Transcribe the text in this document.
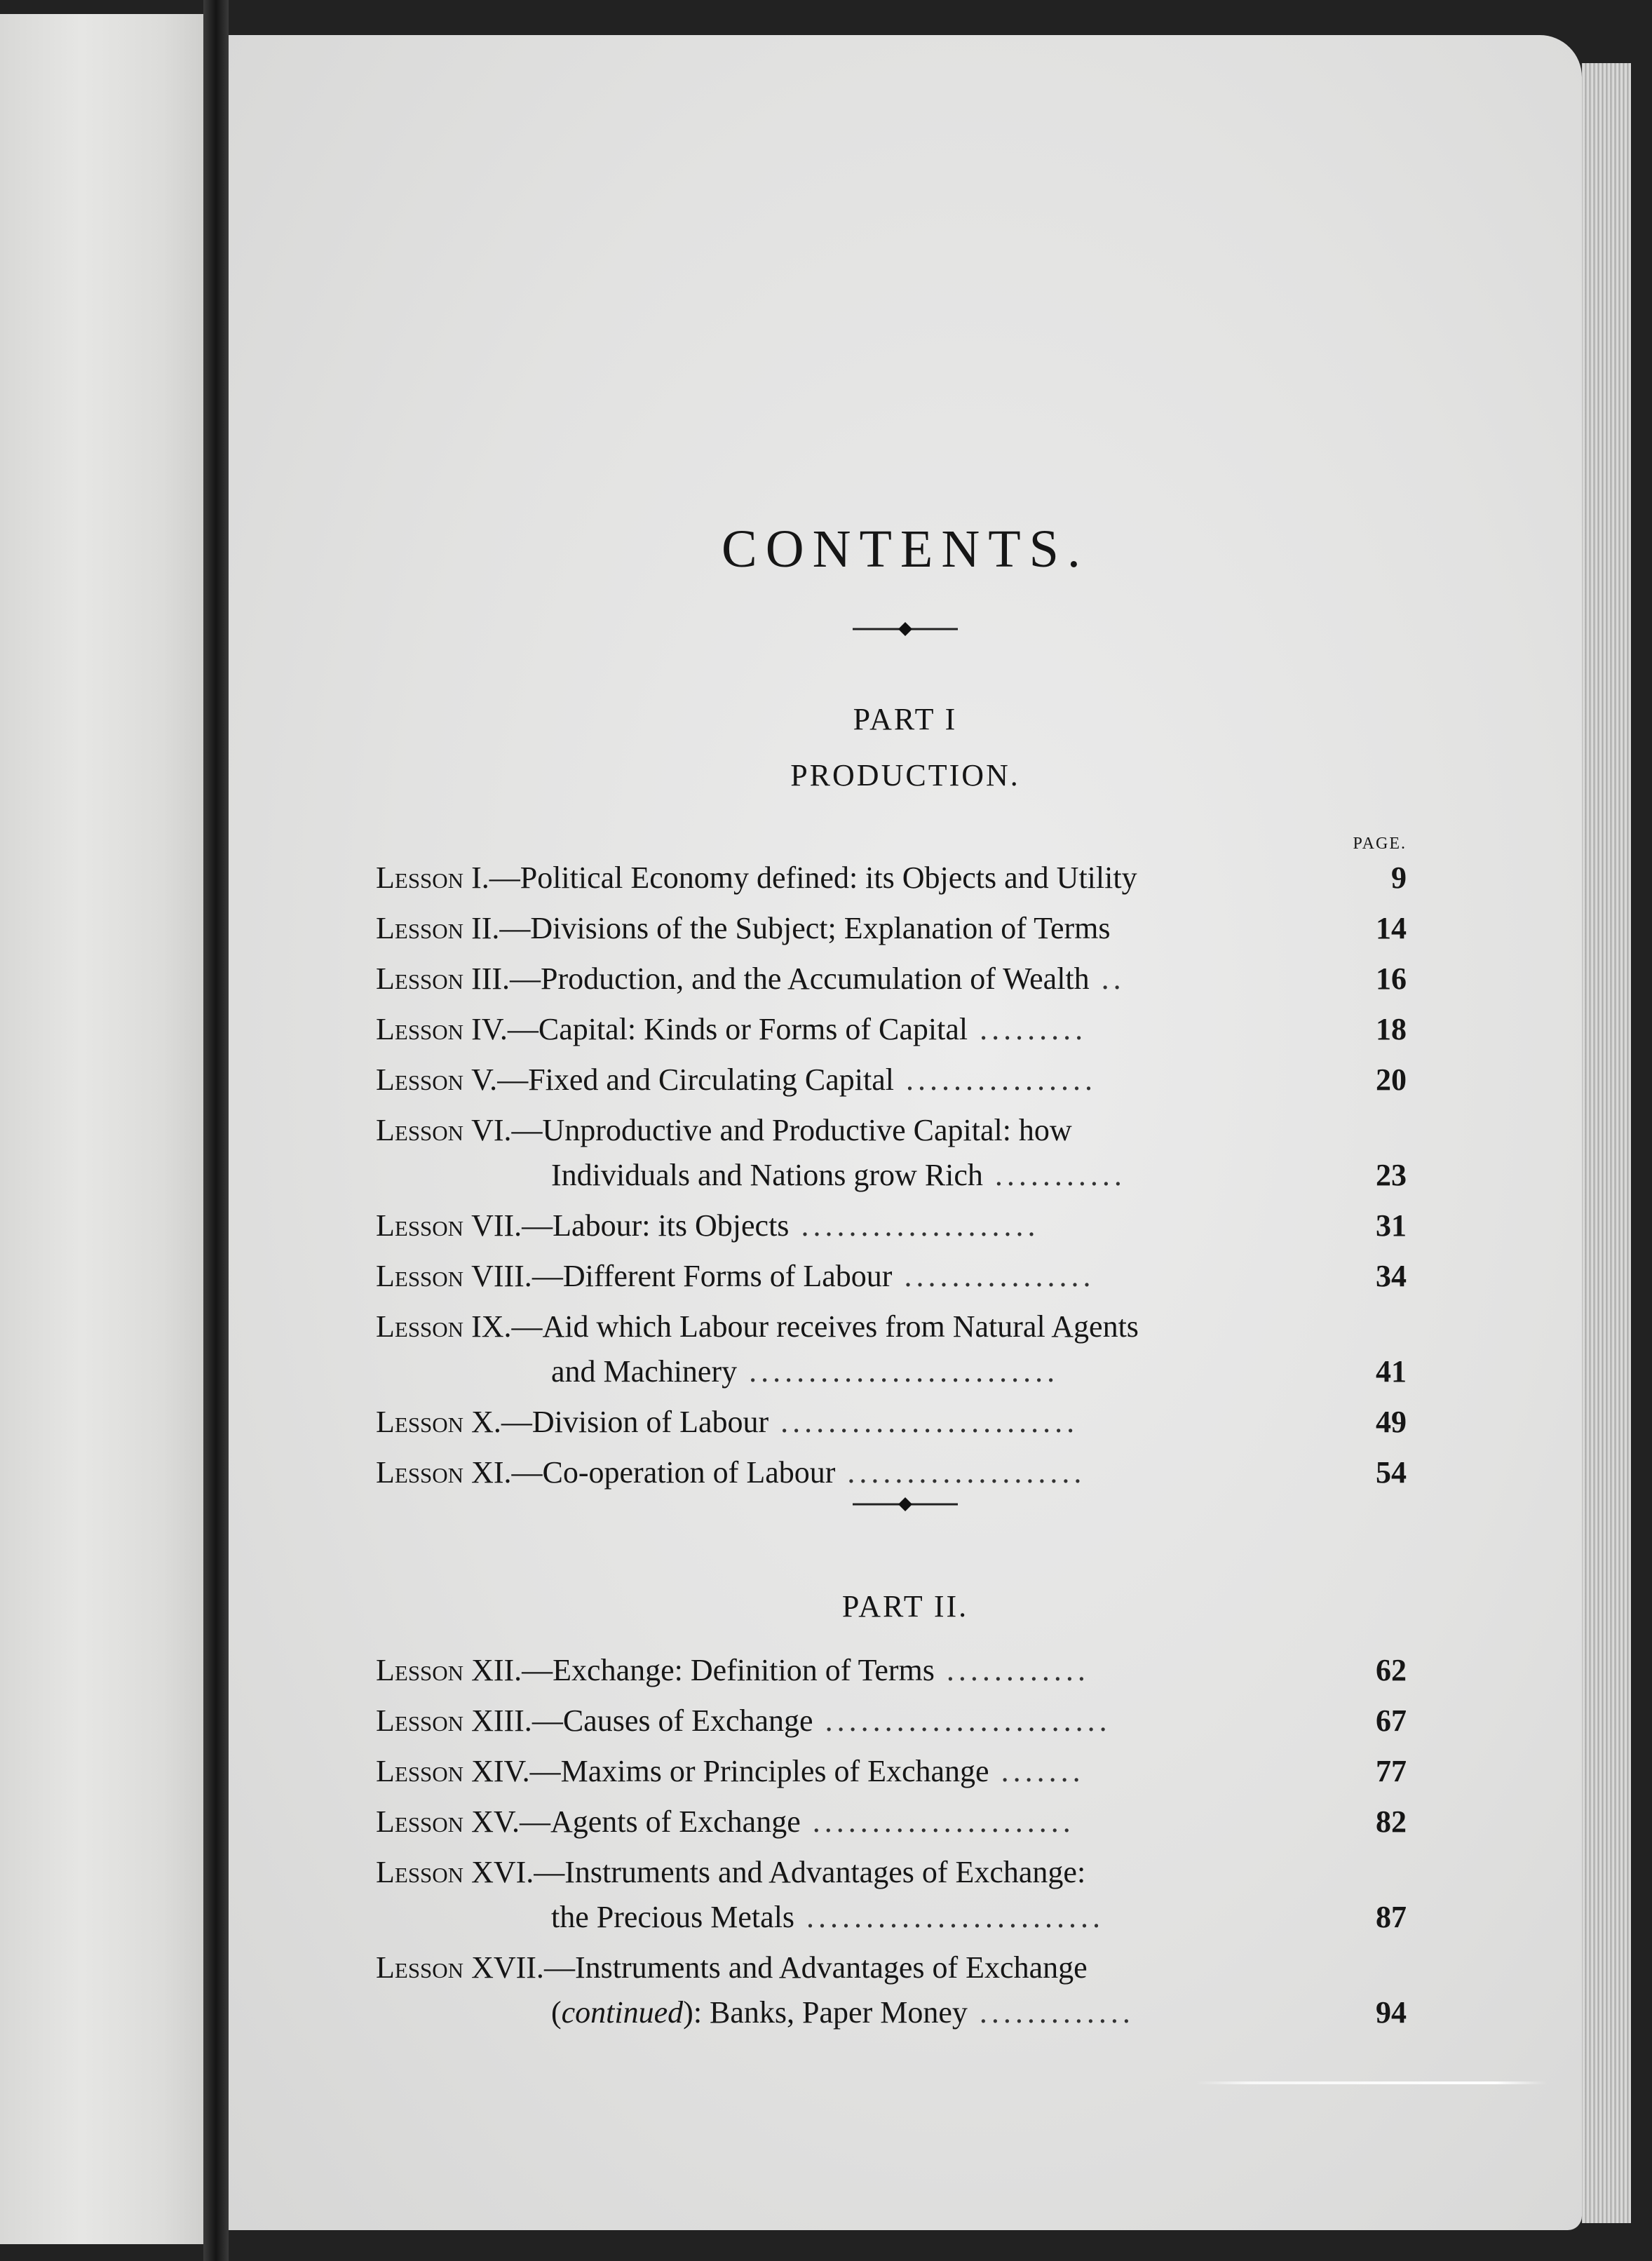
CONTENTS.
PART I
PRODUCTION.
PAGE.
Lesson I.—Political Economy defined: its Objects and Utility	9
Lesson II.—Divisions of the Subject; Explanation of Terms	14
Lesson III.—Production, and the Accumulation of Wealth ..	16
Lesson IV.—Capital: Kinds or Forms of Capital .........	18
Lesson V.—Fixed and Circulating Capital ................	20
Lesson VI.—Unproductive and Productive Capital: how
Individuals and Nations grow Rich ...........	23
Lesson VII.—Labour: its Objects ....................	31
Lesson VIII.—Different Forms of Labour ................	34
Lesson IX.—Aid which Labour receives from Natural Agents
and Machinery ..........................	41
Lesson X.—Division of Labour .........................	49
Lesson XI.—Co-operation of Labour ....................	54
PART II.
Lesson XII.—Exchange: Definition of Terms ............	62
Lesson XIII.—Causes of Exchange ........................	67
Lesson XIV.—Maxims or Principles of Exchange .......	77
Lesson XV.—Agents of Exchange ......................	82
Lesson XVI.—Instruments and Advantages of Exchange:
the Precious Metals .........................	87
Lesson XVII.—Instruments and Advantages of Exchange
(continued): Banks, Paper Money .............	94
